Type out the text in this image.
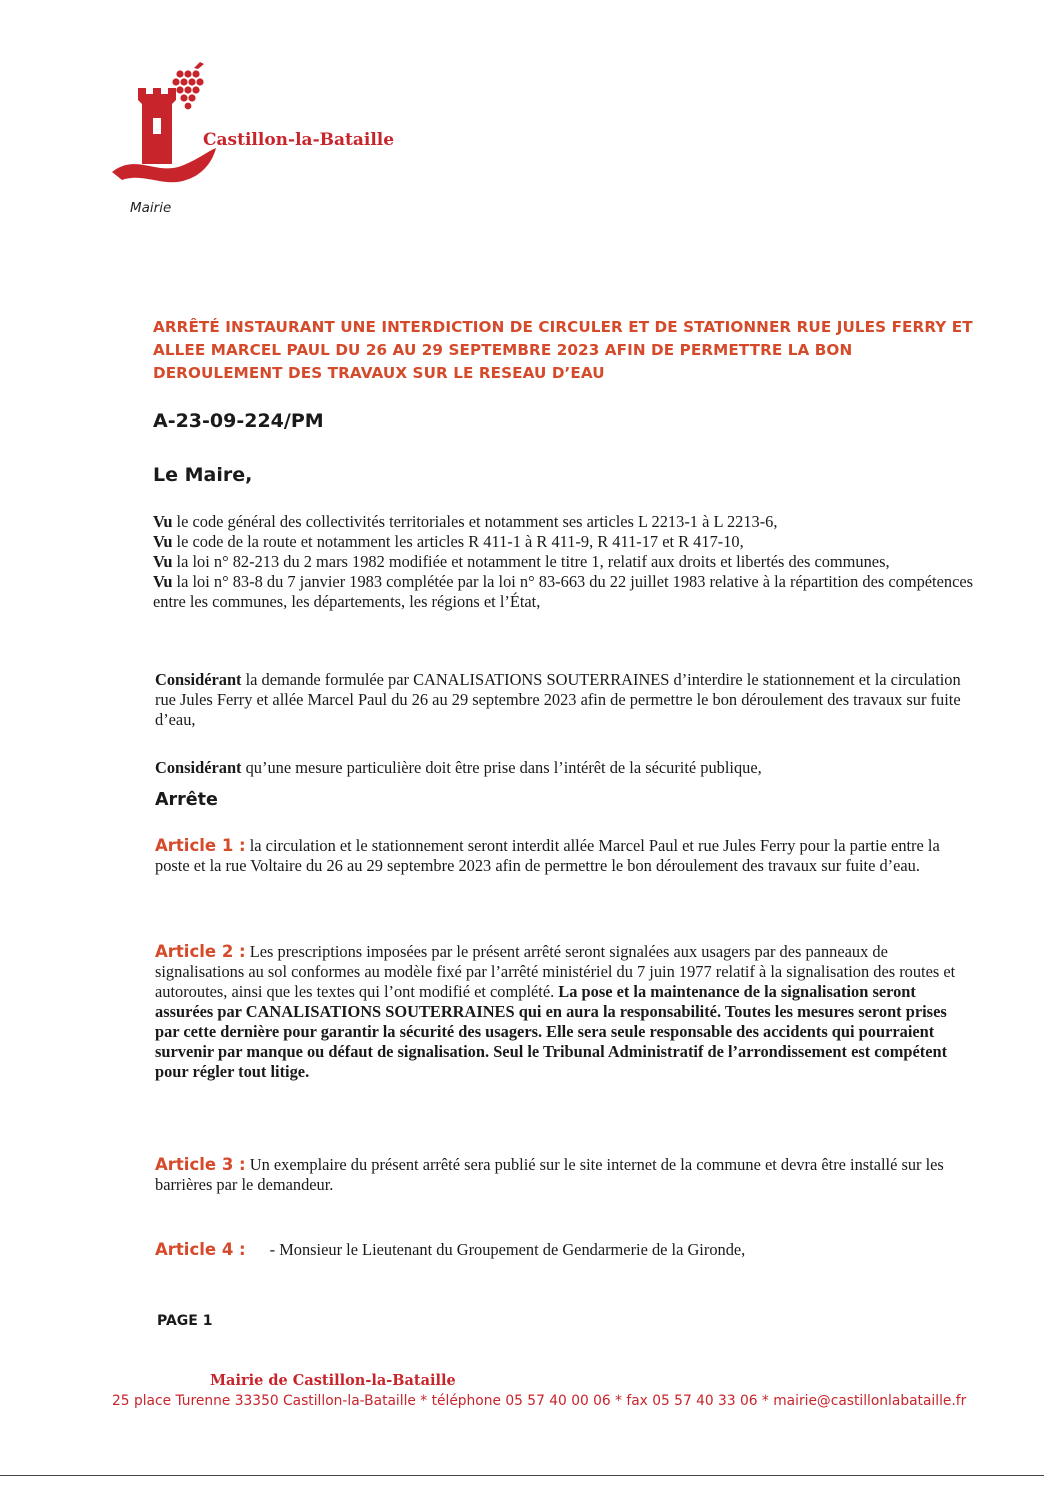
Castillon-la-Bataille
Mairie
ARRÊTÉ INSTAURANT UNE INTERDICTION DE CIRCULER ET DE STATIONNER RUE JULES FERRY ET ALLEE MARCEL PAUL DU 26 AU 29 SEPTEMBRE 2023 AFIN DE PERMETTRE LA BON DEROULEMENT DES TRAVAUX SUR LE RESEAU D’EAU
A-23-09-224/PM
Le Maire,

Vu le code général des collectivités territoriales et notamment ses articles L 2213-1 à L 2213-6,

Vu le code de la route et notamment les articles R 411-1 à R 411-9, R 411-17 et R 417-10,

Vu la loi n° 82-213 du 2 mars 1982 modifiée et notamment le titre 1, relatif aux droits et libertés des communes,

Vu la loi n° 83-8 du 7 janvier 1983 complétée par la loi n° 83-663 du 22 juillet 1983 relative à la répartition des compétences entre les communes, les départements, les régions et l’État,

Considérant la demande formulée par CANALISATIONS SOUTERRAINES d’interdire le stationnement et la circulation rue Jules Ferry et allée Marcel Paul du 26 au 29 septembre 2023 afin de permettre le bon déroulement des travaux sur fuite d’eau,

Considérant qu’une mesure particulière doit être prise dans l’intérêt de la sécurité publique,

Arrête

Article 1 : la circulation et le stationnement seront interdit allée Marcel Paul et rue Jules Ferry pour la partie entre la poste et la rue Voltaire du 26 au 29 septembre 2023 afin de permettre le bon déroulement des travaux sur fuite d’eau.

Article 2 : Les prescriptions imposées par le présent arrêté seront signalées aux usagers par des panneaux de signalisations au sol conformes au modèle fixé par l’arrêté ministériel du 7 juin 1977 relatif à la signalisation des routes et autoroutes, ainsi que les textes qui l’ont modifié et complété. La pose et la maintenance de la signalisation seront assurées par CANALISATIONS SOUTERRAINES qui en aura la responsabilité. Toutes les mesures seront prises par cette dernière pour garantir la sécurité des usagers. Elle sera seule responsable des accidents qui pourraient survenir par manque ou défaut de signalisation. Seul le Tribunal Administratif de l’arrondissement est compétent pour régler tout litige.

Article 3 : Un exemplaire du présent arrêté sera publié sur le site internet de la commune et devra être installé sur les barrières par le demandeur.

Article 4 : - Monsieur le Lieutenant du Groupement de Gendarmerie de la Gironde,

PAGE 1
Mairie de Castillon-la-Bataille
25 place Turenne 33350 Castillon-la-Bataille * téléphone 05 57 40 00 06 * fax 05 57 40 33 06 * mairie@castillonlabataille.fr
